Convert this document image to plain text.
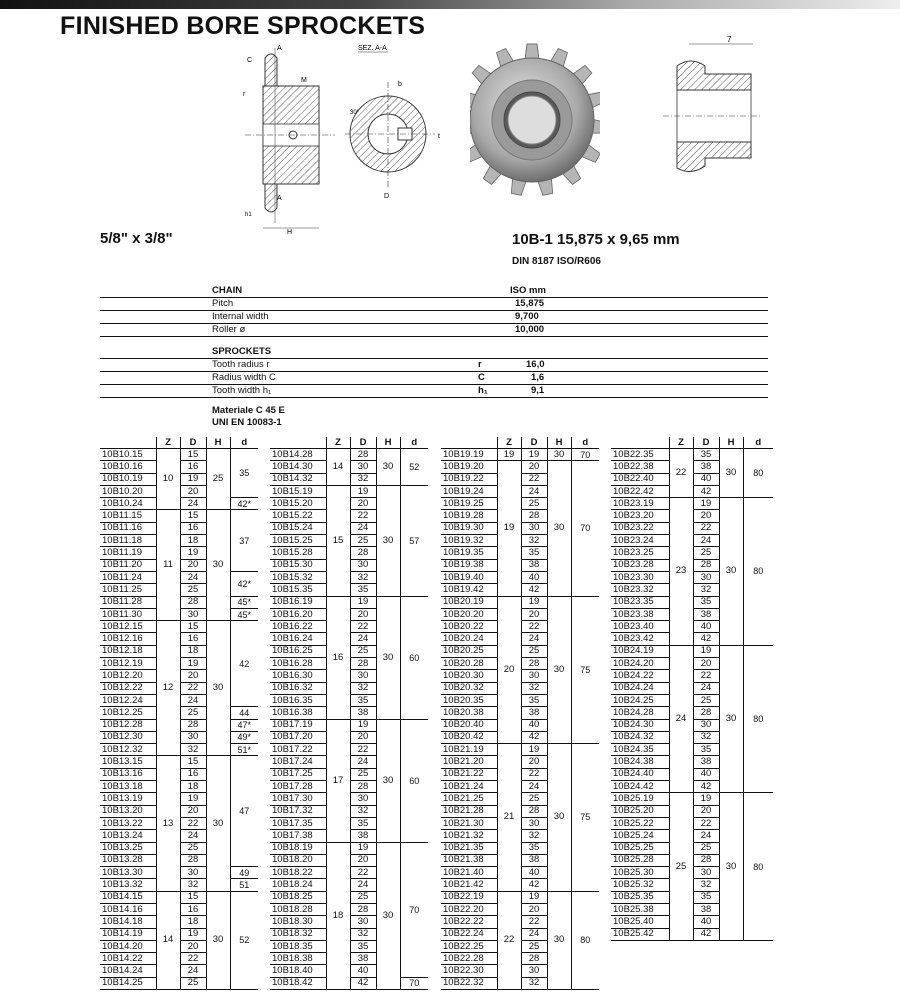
FINISHED BORE SPROCKETS
A
A
C
r
M
h1
H
SEZ. A-A
b
30°
t
D
7
5/8" x 3/8"	10B-1 15,875 x 9,65 mm
DIN 8187 ISO/R606
CHAIN	ISO mm
Pitch	15,875
Internal width	9,700
Roller ø	10,000
SPROCKETS
Tooth radius r	r	16,0
Radius width C	C	1,6
Tooth width h₁	h₁	9,1
Materiale C 45 E
UNI EN 10083-1
	Z	D	H	d
10B10.15	10	15	25	35
10B10.16		16		
10B10.19		19		
10B10.20		20		
10B10.24		24		42*
10B11.15	11	15	30	37
10B11.16		16		
10B11.18		18		
10B11.19		19		
10B11.20		20		
10B11.24		24		42*
10B11.25		25		
10B11.28		28		45*
10B11.30		30		45*
10B12.15	12	15	30	42
10B12.16		16		
10B12.18		18		
10B12.19		19		
10B12.20		20		
10B12.22		22		
10B12.24		24		
10B12.25		25		44
10B12.28		28		47*
10B12.30		30		49*
10B12.32		32		51*
10B13.15	13	15	30	47
10B13.16		16		
10B13.18		18		
10B13.19		19		
10B13.20		20		
10B13.22		22		
10B13.24		24		
10B13.25		25		
10B13.28		28		
10B13.30		30		49
10B13.32		32		51
10B14.15	14	15	30	52
10B14.16		16		
10B14.18		18		
10B14.19		19		
10B14.20		20		
10B14.22		22		
10B14.24		24		
10B14.25		25		
	Z	D	H	d
10B14.28	14	28	30	52
10B14.30		30		
10B14.32		32		
10B15.19	15	19	30	57
10B15.20		20		
10B15.22		22		
10B15.24		24		
10B15.25		25		
10B15.28		28		
10B15.30		30		
10B15.32		32		
10B15.35		35		
10B16.19	16	19	30	60
10B16.20		20		
10B16.22		22		
10B16.24		24		
10B16.25		25		
10B16.28		28		
10B16.30		30		
10B16.32		32		
10B16.35		35		
10B16.38		38		
10B17.19	17	19	30	60
10B17.20		20		
10B17.22		22		
10B17.24		24		
10B17.25		25		
10B17.28		28		
10B17.30		30		
10B17.32		32		
10B17.35		35		
10B17.38		38		
10B18.19	18	19	30	70
10B18.20		20		
10B18.22		22		
10B18.24		24		
10B18.25		25		
10B18.28		28		
10B18.30		30		
10B18.32		32		
10B18.35		35		
10B18.38		38		
10B18.40		40		
10B18.42		42		70
	Z	D	H	d
10B19.19	19	19	30	70
10B19.20	19	20	30	70
10B19.22		22		
10B19.24		24		
10B19.25		25		
10B19.28		28		
10B19.30		30		
10B19.32		32		
10B19.35		35		
10B19.38		38		
10B19.40		40		
10B19.42		42		
10B20.19	20	19	30	75
10B20.20		20		
10B20.22		22		
10B20.24		24		
10B20.25		25		
10B20.28		28		
10B20.30		30		
10B20.32		32		
10B20.35		35		
10B20.38		38		
10B20.40		40		
10B20.42		42		
10B21.19	21	19	30	75
10B21.20		20		
10B21.22		22		
10B21.24		24		
10B21.25		25		
10B21.28		28		
10B21.30		30		
10B21.32		32		
10B21.35		35		
10B21.38		38		
10B21.40		40		
10B21.42		42		
10B22.19	22	19	30	80
10B22.20		20		
10B22.22		22		
10B22.24		24		
10B22.25		25		
10B22.28		28		
10B22.30		30		
10B22.32		32		
	Z	D	H	d
10B22.35	22	35	30	80
10B22.38		38		
10B22.40		40		
10B22.42		42		
10B23.19	23	19	30	80
10B23.20		20		
10B23.22		22		
10B23.24		24		
10B23.25		25		
10B23.28		28		
10B23.30		30		
10B23.32		32		
10B23.35		35		
10B23.38		38		
10B23.40		40		
10B23.42		42		
10B24.19	24	19	30	80
10B24.20		20		
10B24.22		22		
10B24.24		24		
10B24.25		25		
10B24.28		28		
10B24.30		30		
10B24.32		32		
10B24.35		35		
10B24.38		38		
10B24.40		40		
10B24.42		42		
10B25.19	25	19	30	80
10B25.20		20		
10B25.22		22		
10B25.24		24		
10B25.25		25		
10B25.28		28		
10B25.30		30		
10B25.32		32		
10B25.35		35		
10B25.38		38		
10B25.40		40		
10B25.42		42		
